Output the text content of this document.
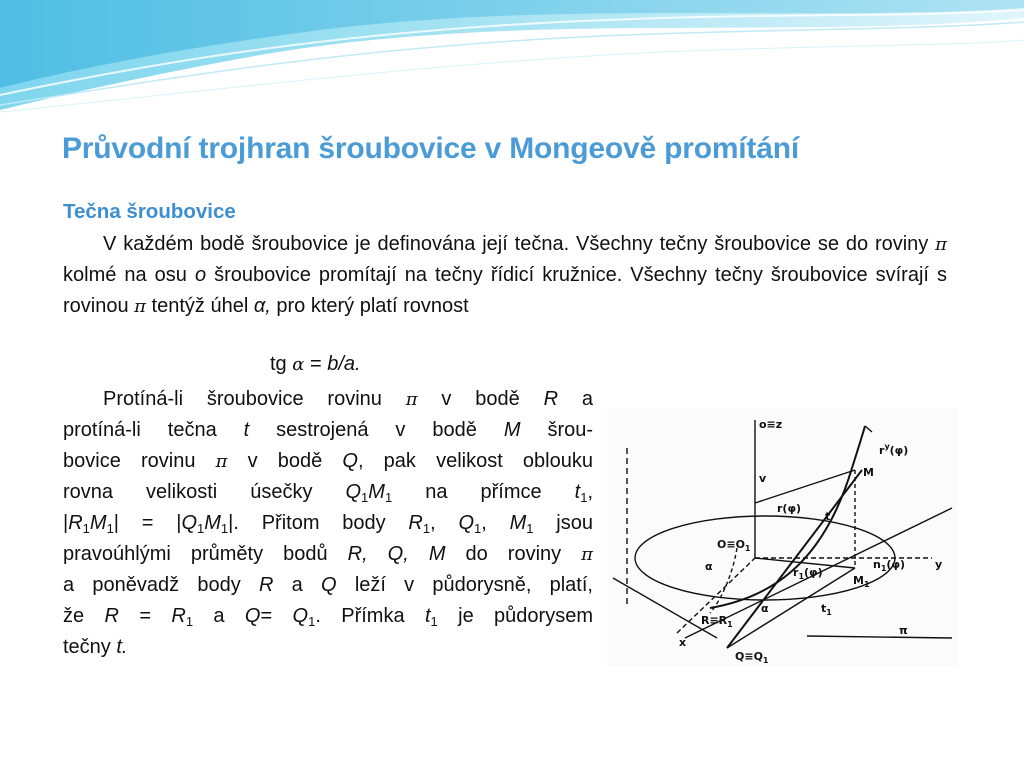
Průvodní trojhran šroubovice v Mongeově promítání
Tečna šroubovice
V každém bodě šroubovice je definována její tečna. Všechny tečny šroubovice se do roviny π kolmé na osu o šroubovice promítají na tečny řídicí kružnice. Všechny tečny šroubovice svírají s rovinou π tentýž úhel α, pro který platí rovnost
tg α = b/a.
Protíná-li šroubovice rovinu π v bodě R a
protíná-li tečna t sestrojená v bodě M šrou-
bovice rovinu π v bodě Q, pak velikost oblouku
rovna velikosti úsečky $Q_1M_1$ na přímce $t_1$,
$|R_1M_1| = |Q_1M_1|$. Přitom body $R_1$, $Q_1$, $M_1$ jsou
pravoúhlými průměty bodů R, Q, M do roviny π
a poněvadž body R a Q leží v půdorysně, platí,
že $R = R_1$ a $Q= Q_1$. Přímka $t_1$ je půdorysem
tečny t.
o≡z
$r^y(\varphi)$
M
v
r(φ)
t
$O\equiv O_1$
α	$r_1(\varphi)$
$n_1(\varphi)$	y
$M_1$
α	$t_1$
$R\equiv R_1$
x
π
$Q\equiv Q_1$
